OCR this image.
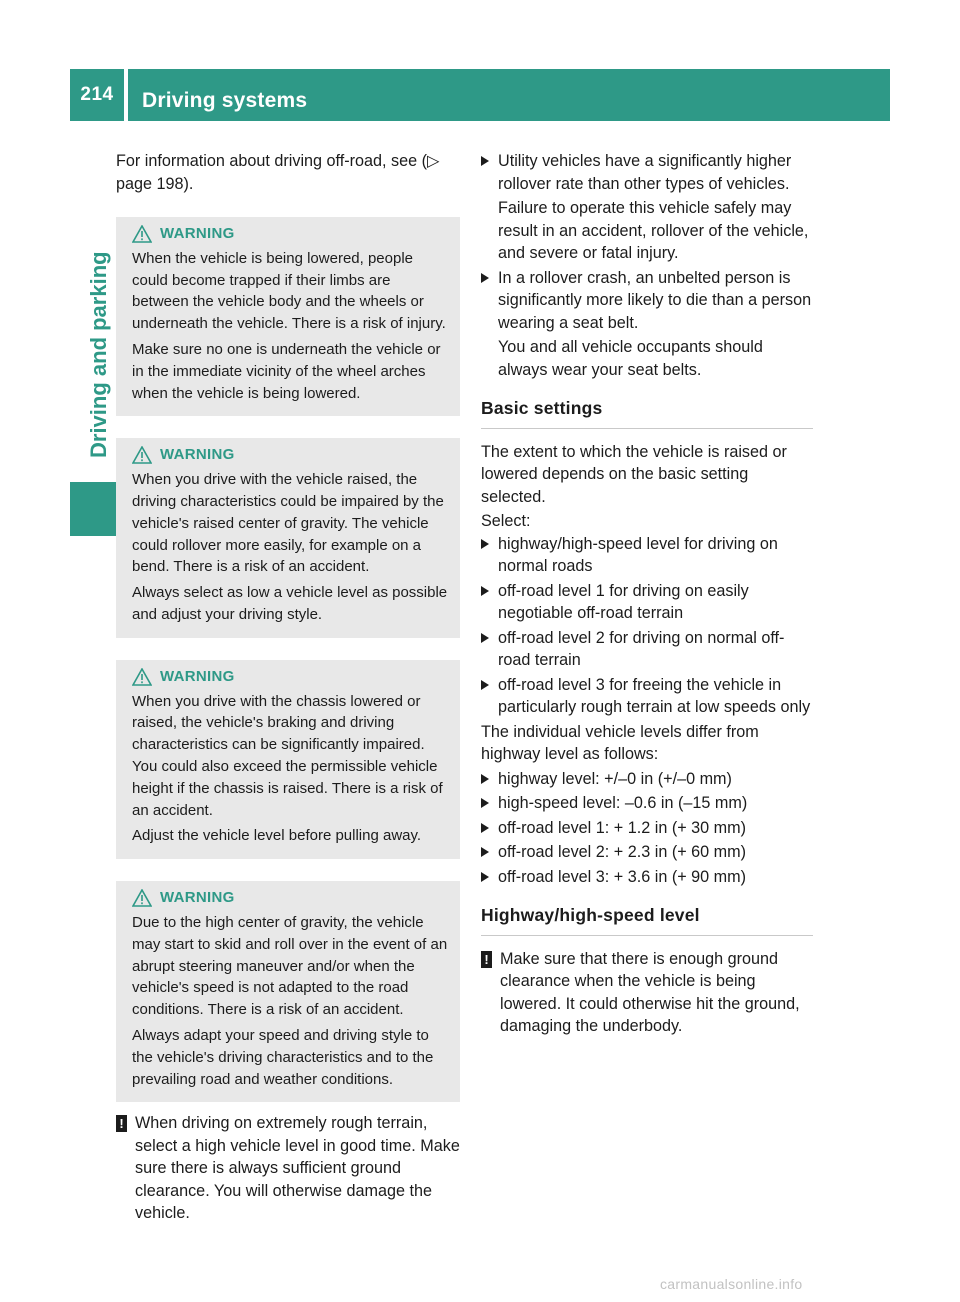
214	Driving systems
Driving and parking

For information about driving off-road, see (▷ page 198).

WARNING

When the vehicle is being lowered, people could become trapped if their limbs are between the vehicle body and the wheels or underneath the vehicle. There is a risk of injury.

Make sure no one is underneath the vehicle or in the immediate vicinity of the wheel arches when the vehicle is being lowered.

WARNING

When you drive with the vehicle raised, the driving characteristics could be impaired by the vehicle's raised center of gravity. The vehicle could rollover more easily, for example on a bend. There is a risk of an accident.

Always select as low a vehicle level as possible and adjust your driving style.

WARNING

When you drive with the chassis lowered or raised, the vehicle's braking and driving characteristics can be significantly impaired. You could also exceed the permissible vehicle height if the chassis is raised. There is a risk of an accident.

Adjust the vehicle level before pulling away.

WARNING

Due to the high center of gravity, the vehicle may start to skid and roll over in the event of an abrupt steering maneuver and/or when the vehicle's speed is not adapted to the road conditions. There is a risk of an accident.

Always adapt your speed and driving style to the vehicle's driving characteristics and to the prevailing road and weather conditions.

! When driving on extremely rough terrain, select a high vehicle level in good time. Make sure there is always sufficient ground clearance. You will otherwise damage the vehicle.

Utility vehicles have a significantly higher rollover rate than other types of vehicles.

Failure to operate this vehicle safely may result in an accident, rollover of the vehicle, and severe or fatal injury.

In a rollover crash, an unbelted person is significantly more likely to die than a person wearing a seat belt.

You and all vehicle occupants should always wear your seat belts.

Basic settings

The extent to which the vehicle is raised or lowered depends on the basic setting selected.

Select:

highway/high-speed level for driving on normal roads
off-road level 1 for driving on easily negotiable off-road terrain
off-road level 2 for driving on normal off-road terrain
off-road level 3 for freeing the vehicle in particularly rough terrain at low speeds only

The individual vehicle levels differ from highway level as follows:

highway level: +/–0 in (+/–0 mm)
high-speed level: –0.6 in (–15 mm)
off-road level 1: + 1.2 in (+ 30 mm)
off-road level 2: + 2.3 in (+ 60 mm)
off-road level 3: + 3.6 in (+ 90 mm)
Highway/high-speed level
! Make sure that there is enough ground clearance when the vehicle is being lowered. It could otherwise hit the ground, damaging the underbody.

carmanualsonline.info
